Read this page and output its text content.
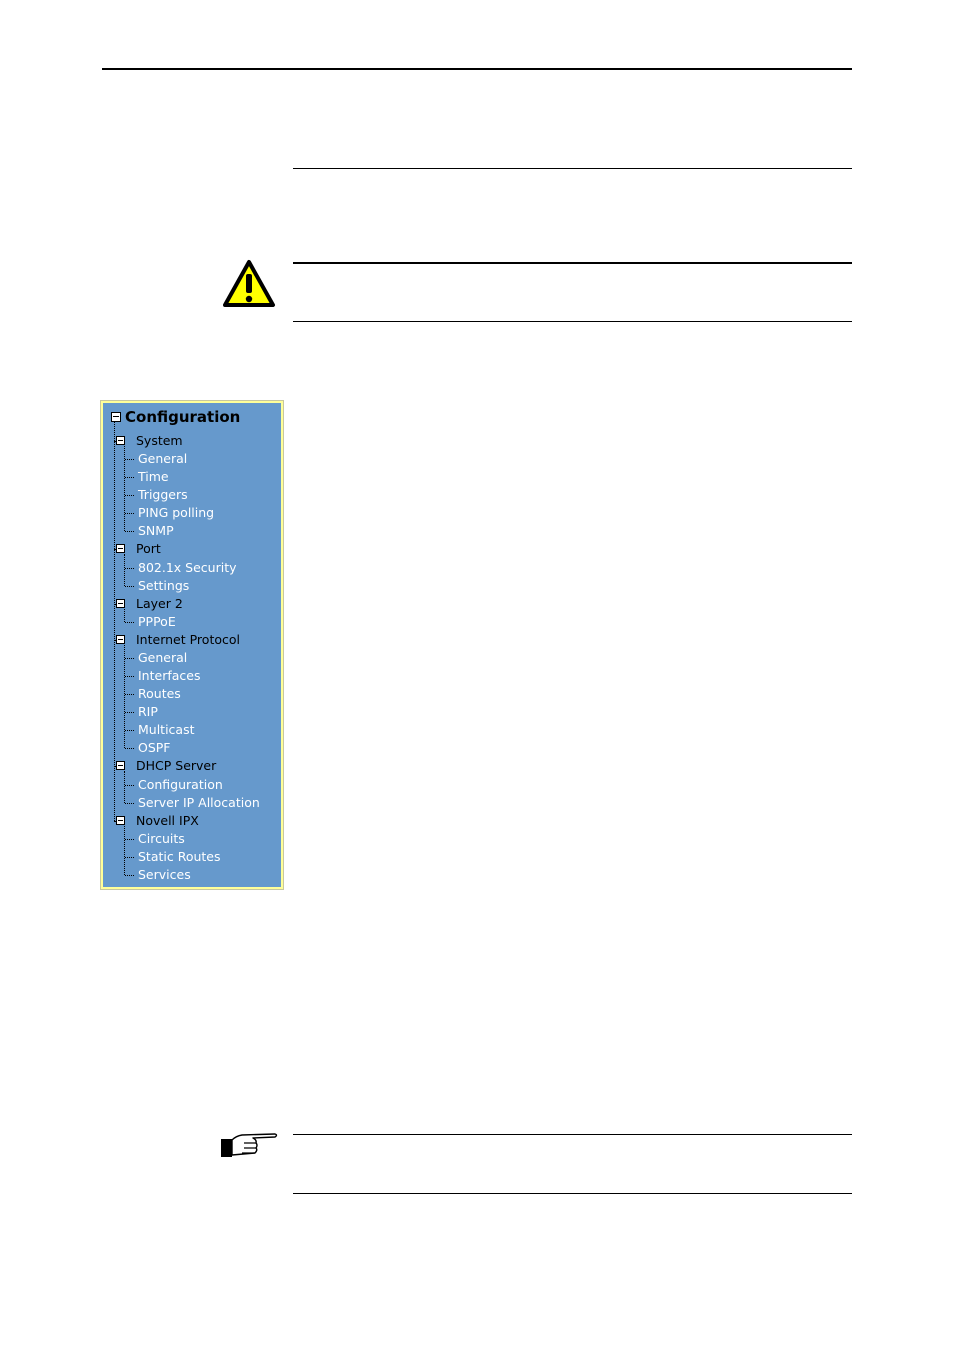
Configuration
System
General
Time
Triggers
PING polling
SNMP
Port
802.1x Security
Settings
Layer 2
PPPoE
Internet Protocol
General
Interfaces
Routes
RIP
Multicast
OSPF
DHCP Server
Configuration
Server IP Allocation
Novell IPX
Circuits
Static Routes
Services
